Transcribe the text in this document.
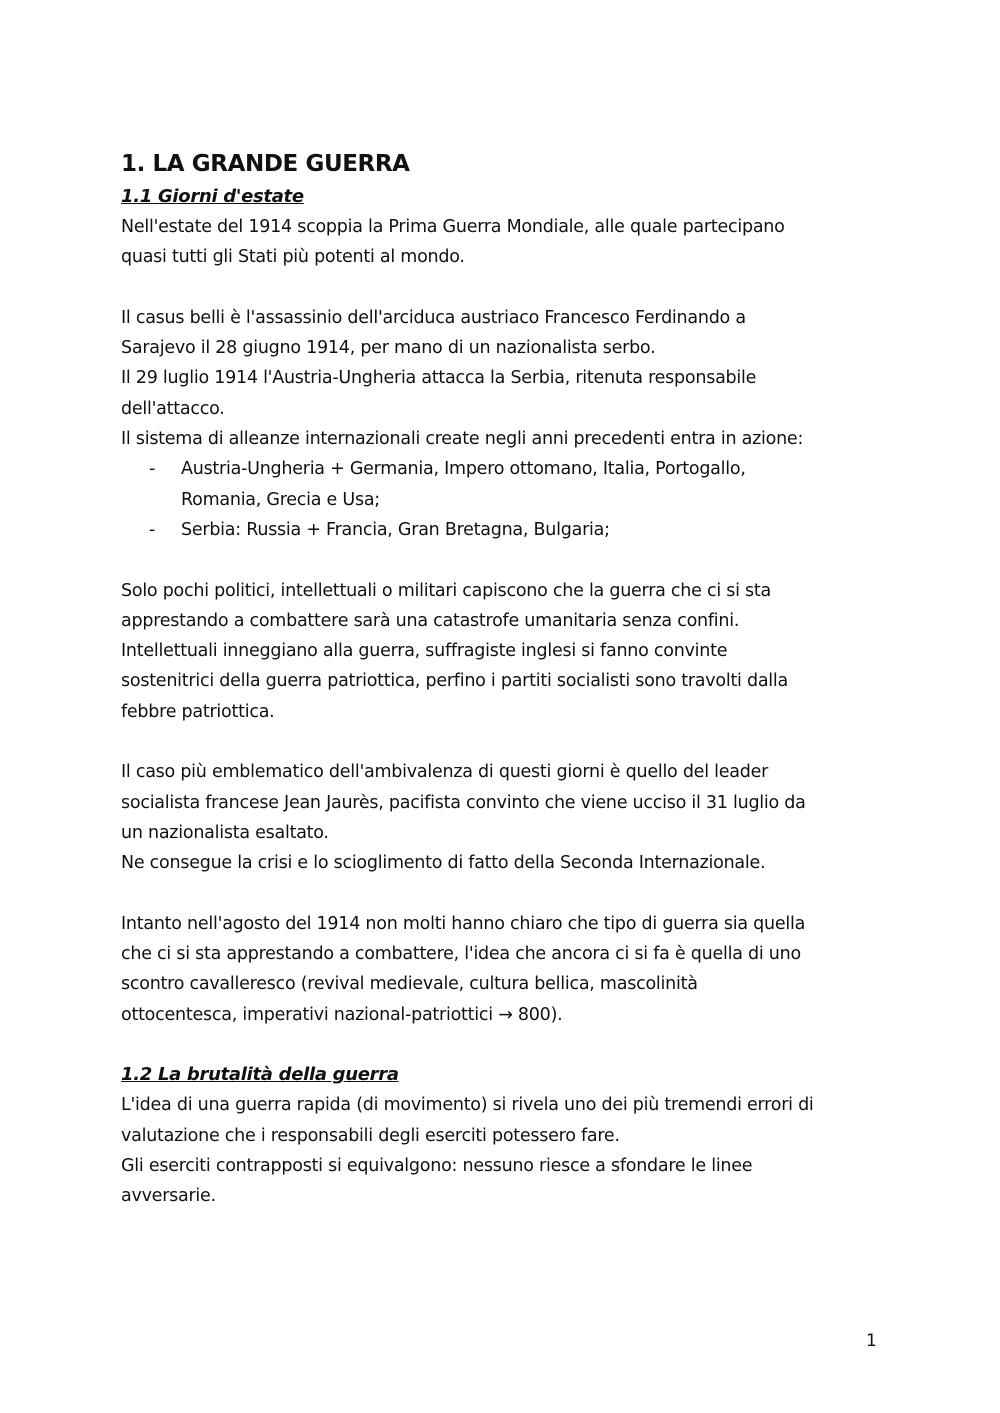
1. LA GRANDE GUERRA
1.1 Giorni d'estate
Nell'estate del 1914 scoppia la Prima Guerra Mondiale, alle quale partecipano
quasi tutti gli Stati più potenti al mondo.
Il casus belli è l'assassinio dell'arciduca austriaco Francesco Ferdinando a
Sarajevo il 28 giugno 1914, per mano di un nazionalista serbo.
Il 29 luglio 1914 l'Austria-Ungheria attacca la Serbia, ritenuta responsabile
dell'attacco.
Il sistema di alleanze internazionali create negli anni precedenti entra in azione:
- Austria-Ungheria + Germania, Impero ottomano, Italia, Portogallo,
Romania, Grecia e Usa;
- Serbia: Russia + Francia, Gran Bretagna, Bulgaria;
Solo pochi politici, intellettuali o militari capiscono che la guerra che ci si sta
apprestando a combattere sarà una catastrofe umanitaria senza confini.
Intellettuali inneggiano alla guerra, suffragiste inglesi si fanno convinte
sostenitrici della guerra patriottica, perfino i partiti socialisti sono travolti dalla
febbre patriottica.
Il caso più emblematico dell'ambivalenza di questi giorni è quello del leader
socialista francese Jean Jaurès, pacifista convinto che viene ucciso il 31 luglio da
un nazionalista esaltato.
Ne consegue la crisi e lo scioglimento di fatto della Seconda Internazionale.
Intanto nell'agosto del 1914 non molti hanno chiaro che tipo di guerra sia quella
che ci si sta apprestando a combattere, l'idea che ancora ci si fa è quella di uno
scontro cavalleresco (revival medievale, cultura bellica, mascolinità
ottocentesca, imperativi nazional-patriottici → 800).
1.2 La brutalità della guerra
L'idea di una guerra rapida (di movimento) si rivela uno dei più tremendi errori di
valutazione che i responsabili degli eserciti potessero fare.
Gli eserciti contrapposti si equivalgono: nessuno riesce a sfondare le linee
avversarie.
1
